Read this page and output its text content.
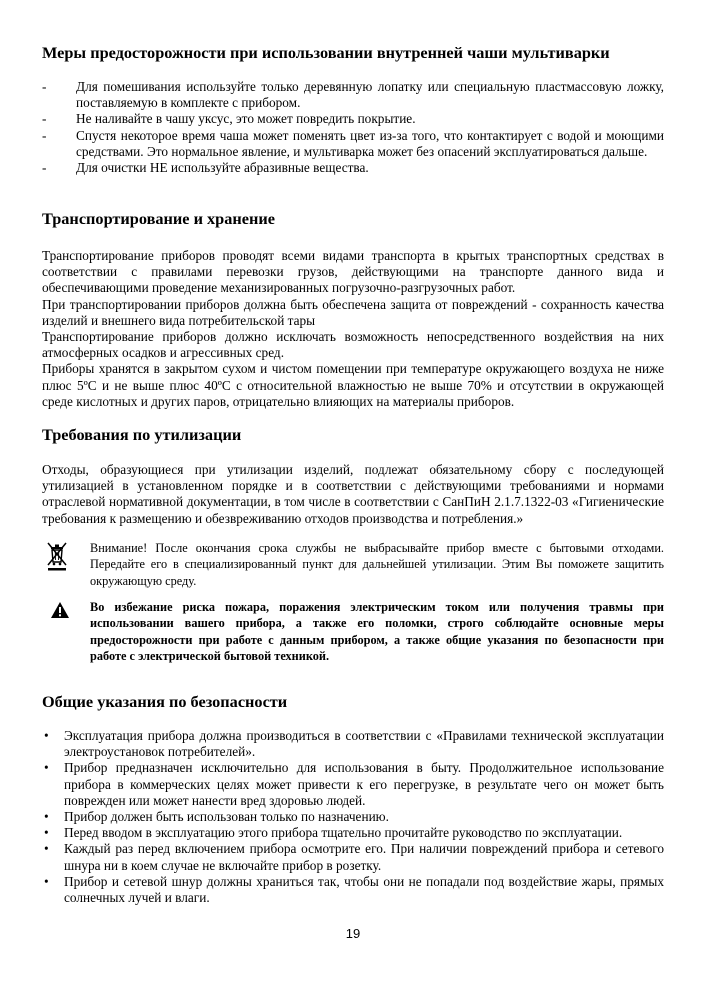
Меры предосторожности при использовании внутренней чаши мультиварки
- Для помешивания используйте только деревянную лопатку или специальную пластмассовую ложку, поставляемую в комплекте с прибором.
- Не наливайте в чашу уксус, это может повредить покрытие.
- Спустя некоторое время чаша может поменять цвет из-за того, что контактирует с водой и моющими средствами. Это нормальное явление, и мультиварка может без опасений эксплуатироваться дальше.
- Для очистки НЕ используйте абразивные вещества.
Транспортирование и хранение

Транспортирование приборов проводят всеми видами транспорта в крытых транспортных средствах в соответствии с правилами перевозки грузов, действующими на транспорте данного вида и обеспечивающими проведение механизированных погрузочно-разгрузочных работ.

При транспортировании приборов должна быть обеспечена защита от повреждений - сохранность качества изделий и внешнего вида потребительской тары

Транспортирование приборов должно исключать возможность непосредственного воздействия на них атмосферных осадков и агрессивных сред.

Приборы хранятся в закрытом сухом и чистом помещении при температуре окружающего воздуха не ниже плюс 5ºС и не выше плюс 40ºС с относительной влажностью не выше 70% и отсутствии в окружающей среде кислотных и других паров, отрицательно влияющих на материалы приборов.

Требования по утилизации

Отходы, образующиеся при утилизации изделий, подлежат обязательному сбору с последующей утилизацией в установленном порядке и в соответствии с действующими требованиями и нормами отраслевой нормативной документации, в том числе в соответствии с СанПиН 2.1.7.1322-03 «Гигиенические требования к размещению и обезвреживанию отходов производства и потребления.»

Внимание! После окончания срока службы не выбрасывайте прибор вместе с бытовыми отходами. Передайте его в специализированный пункт для дальнейшей утилизации. Этим Вы поможете защитить окружающую среду.
Во избежание риска пожара, поражения электрическим током или получения травмы при использовании вашего прибора, а также его поломки, строго соблюдайте основные меры предосторожности при работе с данным прибором, а также общие указания по безопасности при работе с электрической бытовой техникой.
Общие указания по безопасности
• Эксплуатация прибора должна производиться в соответствии с «Правилами технической эксплуатации электроустановок потребителей».
• Прибор предназначен исключительно для использования в быту. Продолжительное использование прибора в коммерческих целях может привести к его перегрузке, в результате чего он может быть поврежден или может нанести вред здоровью людей.
• Прибор должен быть использован только по назначению.
• Перед вводом в эксплуатацию этого прибора тщательно прочитайте руководство по эксплуатации.
• Каждый раз перед включением прибора осмотрите его. При наличии повреждений прибора и сетевого шнура ни в коем случае не включайте прибор в розетку.
• Прибор и сетевой шнур должны храниться так, чтобы они не попадали под воздействие жары, прямых солнечных лучей и влаги.
19
